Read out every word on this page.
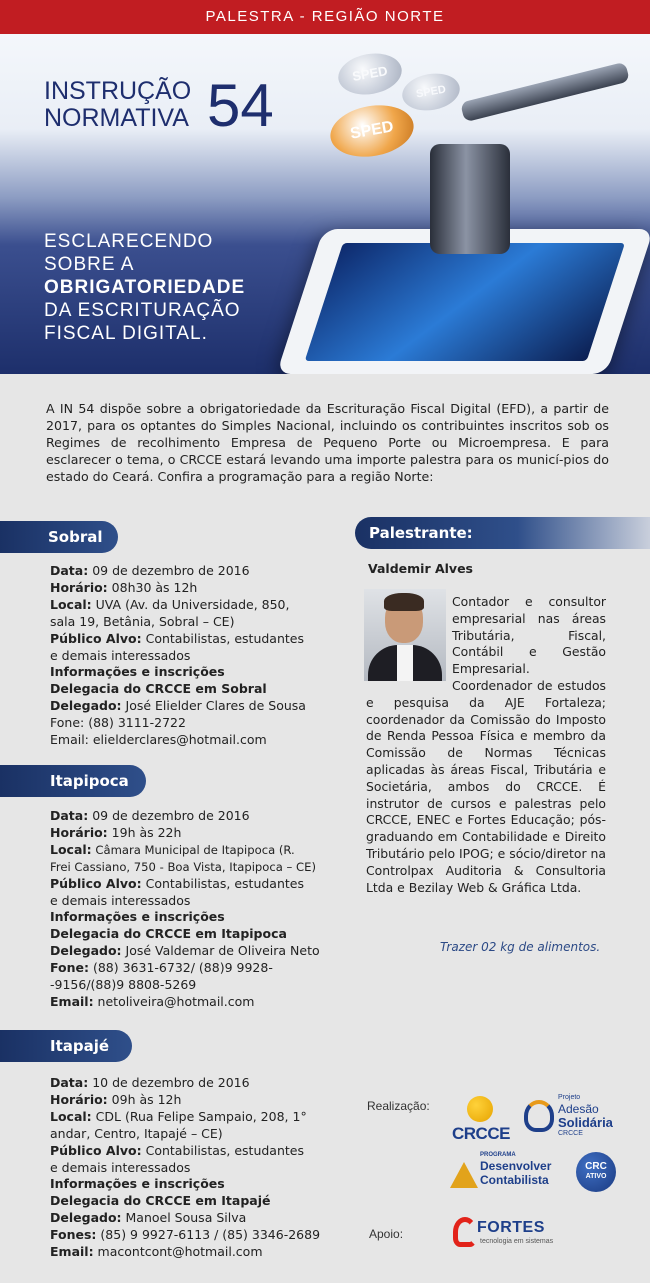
PALESTRA - REGIÃO NORTE
SPED
SPED
SPED
INSTRUÇÃO
NORMATIVA 54
ESCLARECENDO
SOBRE A
OBRIGATORIEDADE
DA ESCRITURAÇÃO
FISCAL DIGITAL.
A IN 54 dispõe sobre a obrigatoriedade da Escrituração Fiscal Digital (EFD), a partir de 2017, para os optantes do Simples Nacional, incluindo os contribuintes inscritos sob os Regimes de recolhimento Empresa de Pequeno Porte ou Microempresa. E para esclarecer o tema, o CRCCE estará levando uma importe palestra para os municí-pios do estado do Ceará. Confira a programação para a região Norte:
Sobral
Data: 09 de dezembro de 2016
Horário: 08h30 às 12h
Local: UVA (Av. da Universidade, 850,
sala 19, Betânia, Sobral – CE)
Público Alvo: Contabilistas, estudantes
e demais interessados
Informações e inscrições
Delegacia do CRCCE em Sobral
Delegado: José Elielder Clares de Sousa
Fone: (88) 3111-2722
Email: elielderclares@hotmail.com
Itapipoca
Data: 09 de dezembro de 2016
Horário: 19h às 22h
Local: Câmara Municipal de Itapipoca (R.
Frei Cassiano, 750 - Boa Vista, Itapipoca – CE)
Público Alvo: Contabilistas, estudantes
e demais interessados
Informações e inscrições
Delegacia do CRCCE em Itapipoca
Delegado: José Valdemar de Oliveira Neto
Fone: (88) 3631-6732/ (88)9 9928-
-9156/(88)9 8808-5269
Email: netoliveira@hotmail.com
Itapajé
Data: 10 de dezembro de 2016
Horário: 09h às 12h
Local: CDL (Rua Felipe Sampaio, 208, 1°
andar, Centro, Itapajé – CE)
Público Alvo: Contabilistas, estudantes
e demais interessados
Informações e inscrições
Delegacia do CRCCE em Itapajé
Delegado: Manoel Sousa Silva
Fones: (85) 9 9927-6113 / (85) 3346-2689
Email: macontcont@hotmail.com
Palestrante:
Valdemir Alves
Contador e consultor empresarial nas áreas Tributária, Fiscal, Contábil e Gestão Empresarial. Coordenador de estudos e pesquisa da AJE Fortaleza; coordenador da Comissão do Imposto de Renda Pessoa Física e membro da Comissão de Normas Técnicas aplicadas às áreas Fiscal, Tributária e Societária, ambos do CRCCE. É instrutor de cursos e palestras pelo CRCCE, ENEC e Fortes Educação; pós-graduando em Contabilidade e Direito Tributário pelo IPOG; e sócio/diretor na Controlpax Auditoria & Consultoria Ltda e Bezilay Web & Gráfica Ltda.
Trazer 02 kg de alimentos.
Realização:
Apoio:
CRCCE
Projeto
Adesão
Solidária
CRCCE
PROGRAMA
Desenvolver
Contabilista
CRC
ATIVO
FORTES
tecnologia em sistemas
